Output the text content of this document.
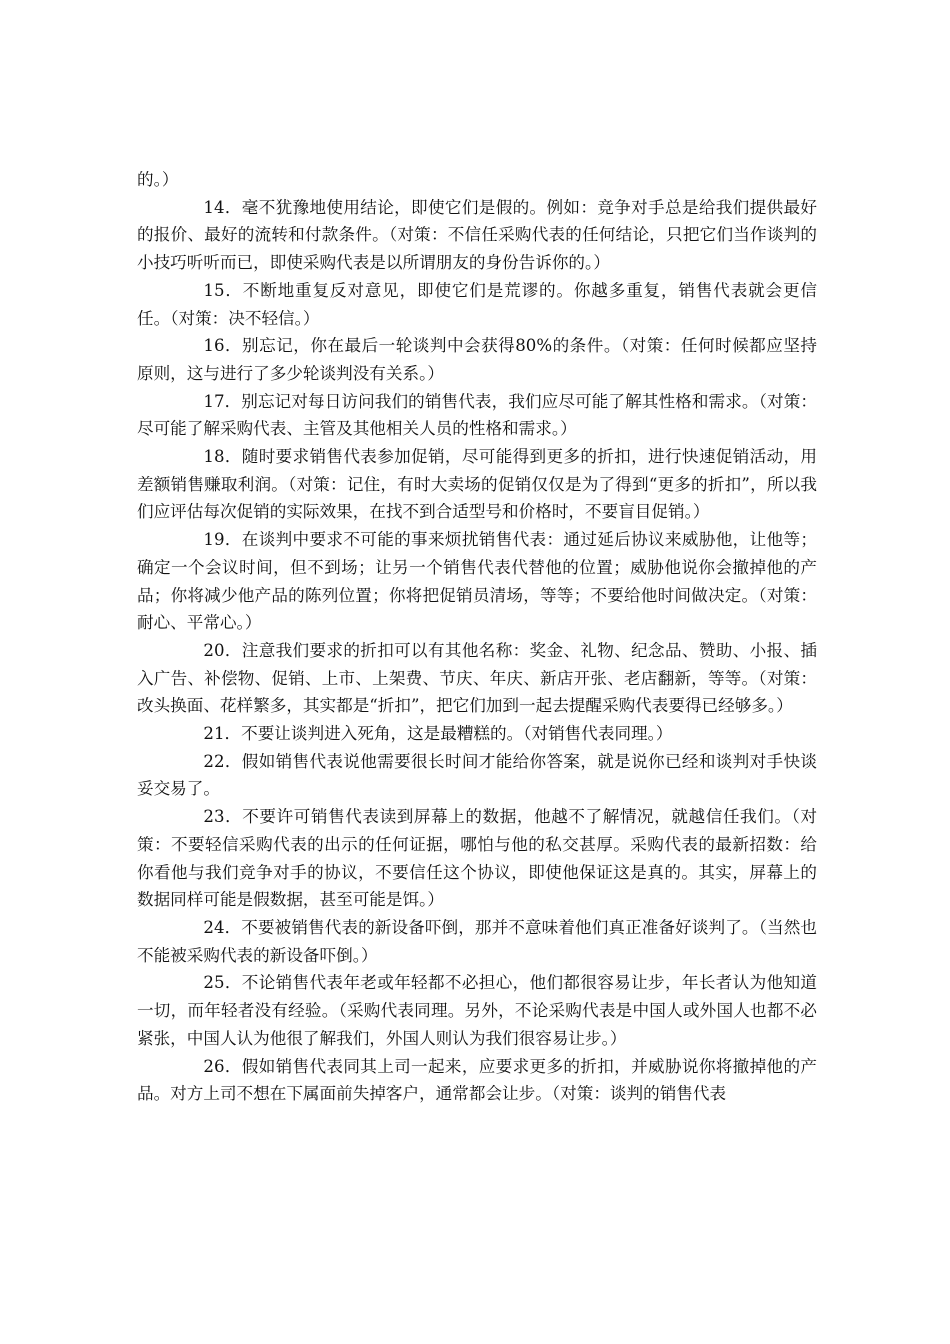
的。）

14．毫不犹豫地使用结论，即使它们是假的。例如：竞争对手总是给我们提供最好的报价、最好的流转和付款条件。（对策：不信任采购代表的任何结论，只把它们当作谈判的小技巧听听而已，即使采购代表是以所谓朋友的身份告诉你的。）

15．不断地重复反对意见，即使它们是荒谬的。你越多重复，销售代表就会更信任。（对策：决不轻信。）

16．别忘记，你在最后一轮谈判中会获得80%的条件。（对策：任何时候都应坚持原则，这与进行了多少轮谈判没有关系。）

17．别忘记对每日访问我们的销售代表，我们应尽可能了解其性格和需求。（对策：尽可能了解采购代表、主管及其他相关人员的性格和需求。）

18．随时要求销售代表参加促销，尽可能得到更多的折扣，进行快速促销活动，用差额销售赚取利润。（对策：记住，有时大卖场的促销仅仅是为了得到“更多的折扣”，所以我们应评估每次促销的实际效果，在找不到合适型号和价格时，不要盲目促销。）

19．在谈判中要求不可能的事来烦扰销售代表：通过延后协议来威胁他，让他等；确定一个会议时间，但不到场；让另一个销售代表代替他的位置；威胁他说你会撤掉他的产品；你将减少他产品的陈列位置；你将把促销员清场，等等；不要给他时间做决定。（对策：耐心、平常心。）

20．注意我们要求的折扣可以有其他名称：奖金、礼物、纪念品、赞助、小报、插入广告、补偿物、促销、上市、上架费、节庆、年庆、新店开张、老店翻新，等等。（对策：改头换面、花样繁多，其实都是“折扣”，把它们加到一起去提醒采购代表要得已经够多。）

21．不要让谈判进入死角，这是最糟糕的。（对销售代表同理。）

22．假如销售代表说他需要很长时间才能给你答案，就是说你已经和谈判对手快谈妥交易了。

23．不要许可销售代表读到屏幕上的数据，他越不了解情况，就越信任我们。（对策：不要轻信采购代表的出示的任何证据，哪怕与他的私交甚厚。采购代表的最新招数：给你看他与我们竞争对手的协议，不要信任这个协议，即使他保证这是真的。其实，屏幕上的数据同样可能是假数据，甚至可能是饵。）

24．不要被销售代表的新设备吓倒，那并不意味着他们真正准备好谈判了。（当然也不能被采购代表的新设备吓倒。）

25．不论销售代表年老或年轻都不必担心，他们都很容易让步，年长者认为他知道一切，而年轻者没有经验。（采购代表同理。另外，不论采购代表是中国人或外国人也都不必紧张，中国人认为他很了解我们，外国人则认为我们很容易让步。）

26．假如销售代表同其上司一起来，应要求更多的折扣，并威胁说你将撤掉他的产品。对方上司不想在下属面前失掉客户，通常都会让步。（对策：谈判的销售代表
